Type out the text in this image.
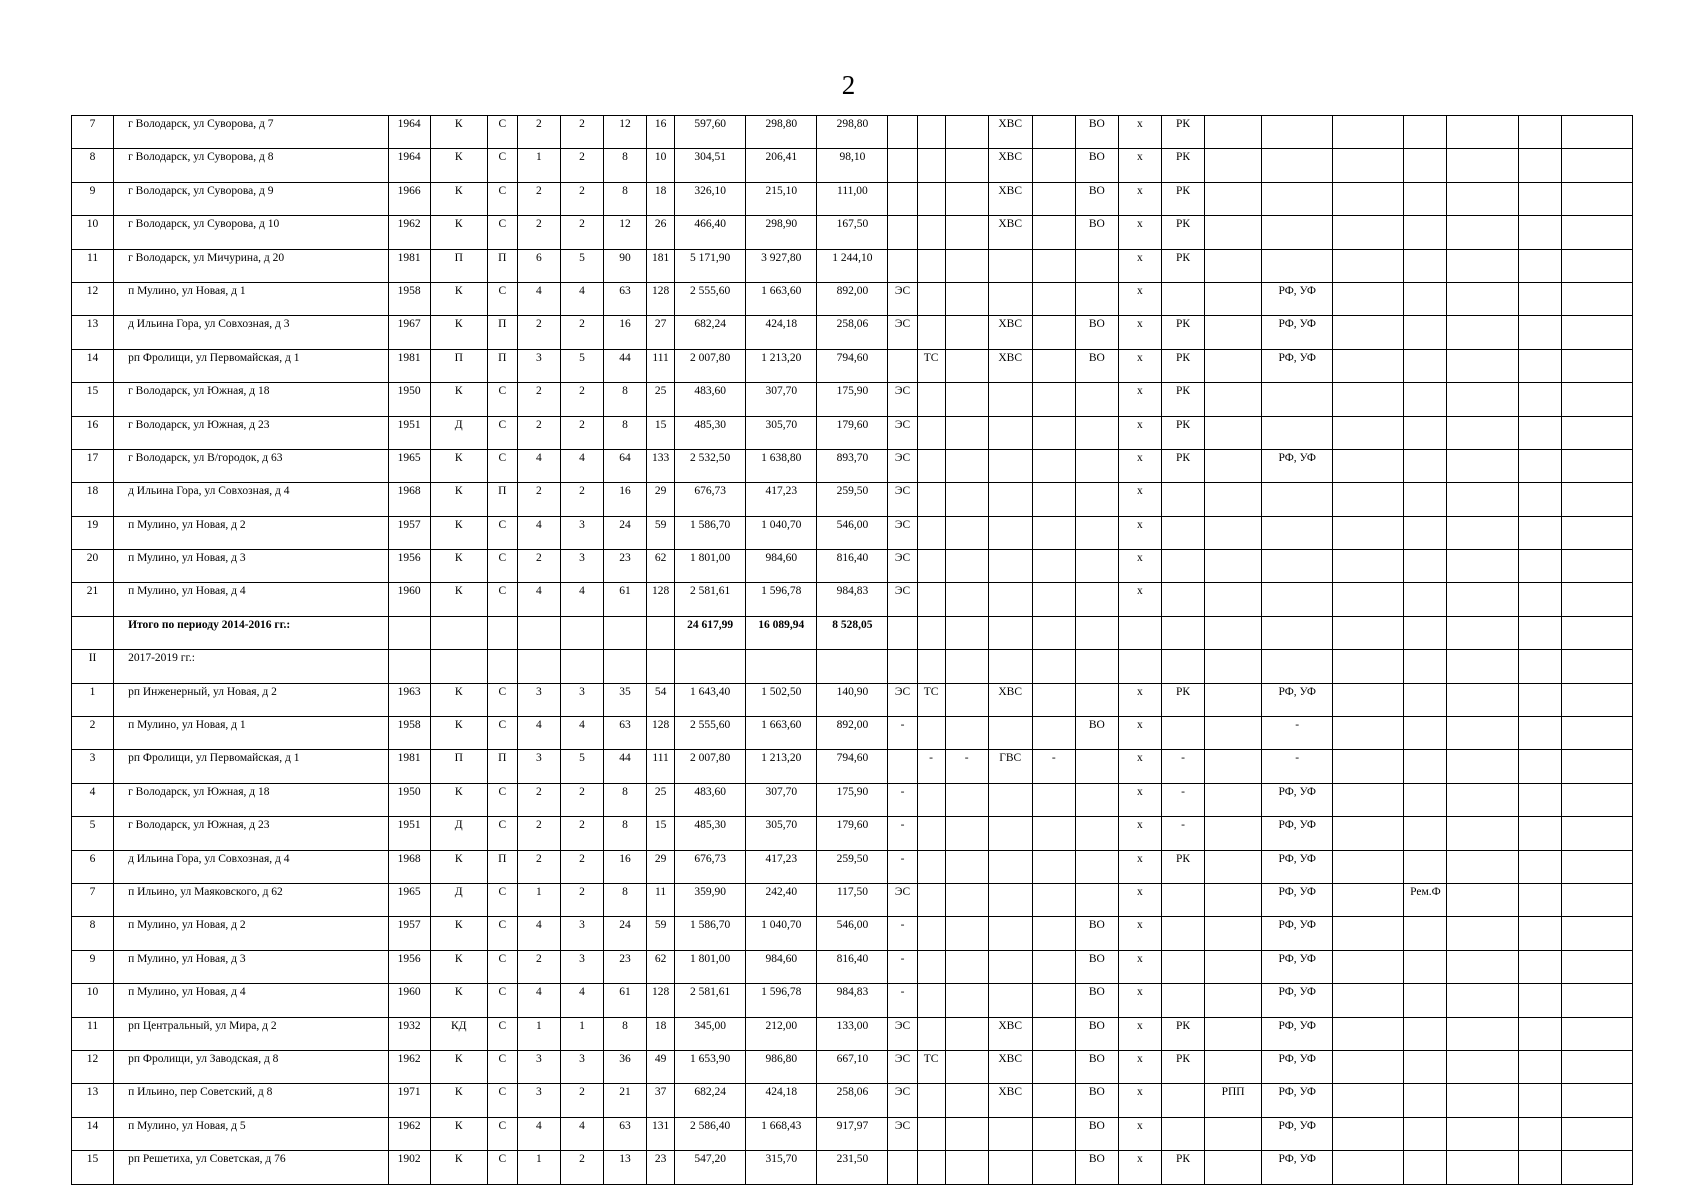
2
7	г Володарск, ул Суворова, д 7	1964	К	С	2	2	12	16	597,60	298,80	298,80				ХВС		ВО	х	РК							
8	г Володарск, ул Суворова, д 8	1964	К	С	1	2	8	10	304,51	206,41	98,10				ХВС		ВО	х	РК							
9	г Володарск, ул Суворова, д 9	1966	К	С	2	2	8	18	326,10	215,10	111,00				ХВС		ВО	х	РК							
10	г Володарск, ул Суворова, д 10	1962	К	С	2	2	12	26	466,40	298,90	167,50				ХВС		ВО	х	РК							
11	г Володарск, ул Мичурина, д 20	1981	П	П	6	5	90	181	5 171,90	3 927,80	1 244,10							х	РК							
12	п Мулино, ул Новая, д 1	1958	К	С	4	4	63	128	2 555,60	1 663,60	892,00	ЭС						х			РФ, УФ					
13	д Ильина Гора, ул Совхозная, д 3	1967	К	П	2	2	16	27	682,24	424,18	258,06	ЭС			ХВС		ВО	х	РК		РФ, УФ					
14	рп Фролищи, ул Первомайская, д 1	1981	П	П	3	5	44	111	2 007,80	1 213,20	794,60		ТС		ХВС		ВО	х	РК		РФ, УФ					
15	г Володарск, ул Южная, д 18	1950	К	С	2	2	8	25	483,60	307,70	175,90	ЭС						х	РК							
16	г Володарск, ул Южная, д 23	1951	Д	С	2	2	8	15	485,30	305,70	179,60	ЭС						х	РК							
17	г Володарск, ул В/городок, д 63	1965	К	С	4	4	64	133	2 532,50	1 638,80	893,70	ЭС						х	РК		РФ, УФ					
18	д Ильина Гора, ул Совхозная, д 4	1968	К	П	2	2	16	29	676,73	417,23	259,50	ЭС						х								
19	п Мулино, ул Новая, д 2	1957	К	С	4	3	24	59	1 586,70	1 040,70	546,00	ЭС						х								
20	п Мулино, ул Новая, д 3	1956	К	С	2	3	23	62	1 801,00	984,60	816,40	ЭС						х								
21	п Мулино, ул Новая, д 4	1960	К	С	4	4	61	128	2 581,61	1 596,78	984,83	ЭС						х								
	Итого по периоду 2014-2016 гг.:								24 617,99	16 089,94	8 528,05															
II	2017-2019 гг.:																									
1	рп Инженерный, ул Новая, д 2	1963	К	С	3	3	35	54	1 643,40	1 502,50	140,90	ЭС	ТС		ХВС			х	РК		РФ, УФ					
2	п Мулино, ул Новая, д 1	1958	К	С	4	4	63	128	2 555,60	1 663,60	892,00	-					ВО	х			-					
3	рп Фролищи, ул Первомайская, д 1	1981	П	П	3	5	44	111	2 007,80	1 213,20	794,60		-	-	ГВС	-		х	-		-					
4	г Володарск, ул Южная, д 18	1950	К	С	2	2	8	25	483,60	307,70	175,90	-						х	-		РФ, УФ					
5	г Володарск, ул Южная, д 23	1951	Д	С	2	2	8	15	485,30	305,70	179,60	-						х	-		РФ, УФ					
6	д Ильина Гора, ул Совхозная, д 4	1968	К	П	2	2	16	29	676,73	417,23	259,50	-						х	РК		РФ, УФ					
7	п Ильино, ул Маяковского, д 62	1965	Д	С	1	2	8	11	359,90	242,40	117,50	ЭС						х			РФ, УФ		Рем.Ф			
8	п Мулино, ул Новая, д 2	1957	К	С	4	3	24	59	1 586,70	1 040,70	546,00	-					ВО	х			РФ, УФ					
9	п Мулино, ул Новая, д 3	1956	К	С	2	3	23	62	1 801,00	984,60	816,40	-					ВО	х			РФ, УФ					
10	п Мулино, ул Новая, д 4	1960	К	С	4	4	61	128	2 581,61	1 596,78	984,83	-					ВО	х			РФ, УФ					
11	рп Центральный, ул Мира, д 2	1932	КД	С	1	1	8	18	345,00	212,00	133,00	ЭС			ХВС		ВО	х	РК		РФ, УФ					
12	рп Фролищи, ул Заводская, д 8	1962	К	С	3	3	36	49	1 653,90	986,80	667,10	ЭС	ТС		ХВС		ВО	х	РК		РФ, УФ					
13	п Ильино, пер Советский, д 8	1971	К	С	3	2	21	37	682,24	424,18	258,06	ЭС			ХВС		ВО	х		РПП	РФ, УФ					
14	п Мулино, ул Новая, д 5	1962	К	С	4	4	63	131	2 586,40	1 668,43	917,97	ЭС					ВО	х			РФ, УФ					
15	рп Решетиха, ул Советская, д 76	1902	К	С	1	2	13	23	547,20	315,70	231,50						ВО	х	РК		РФ, УФ					
